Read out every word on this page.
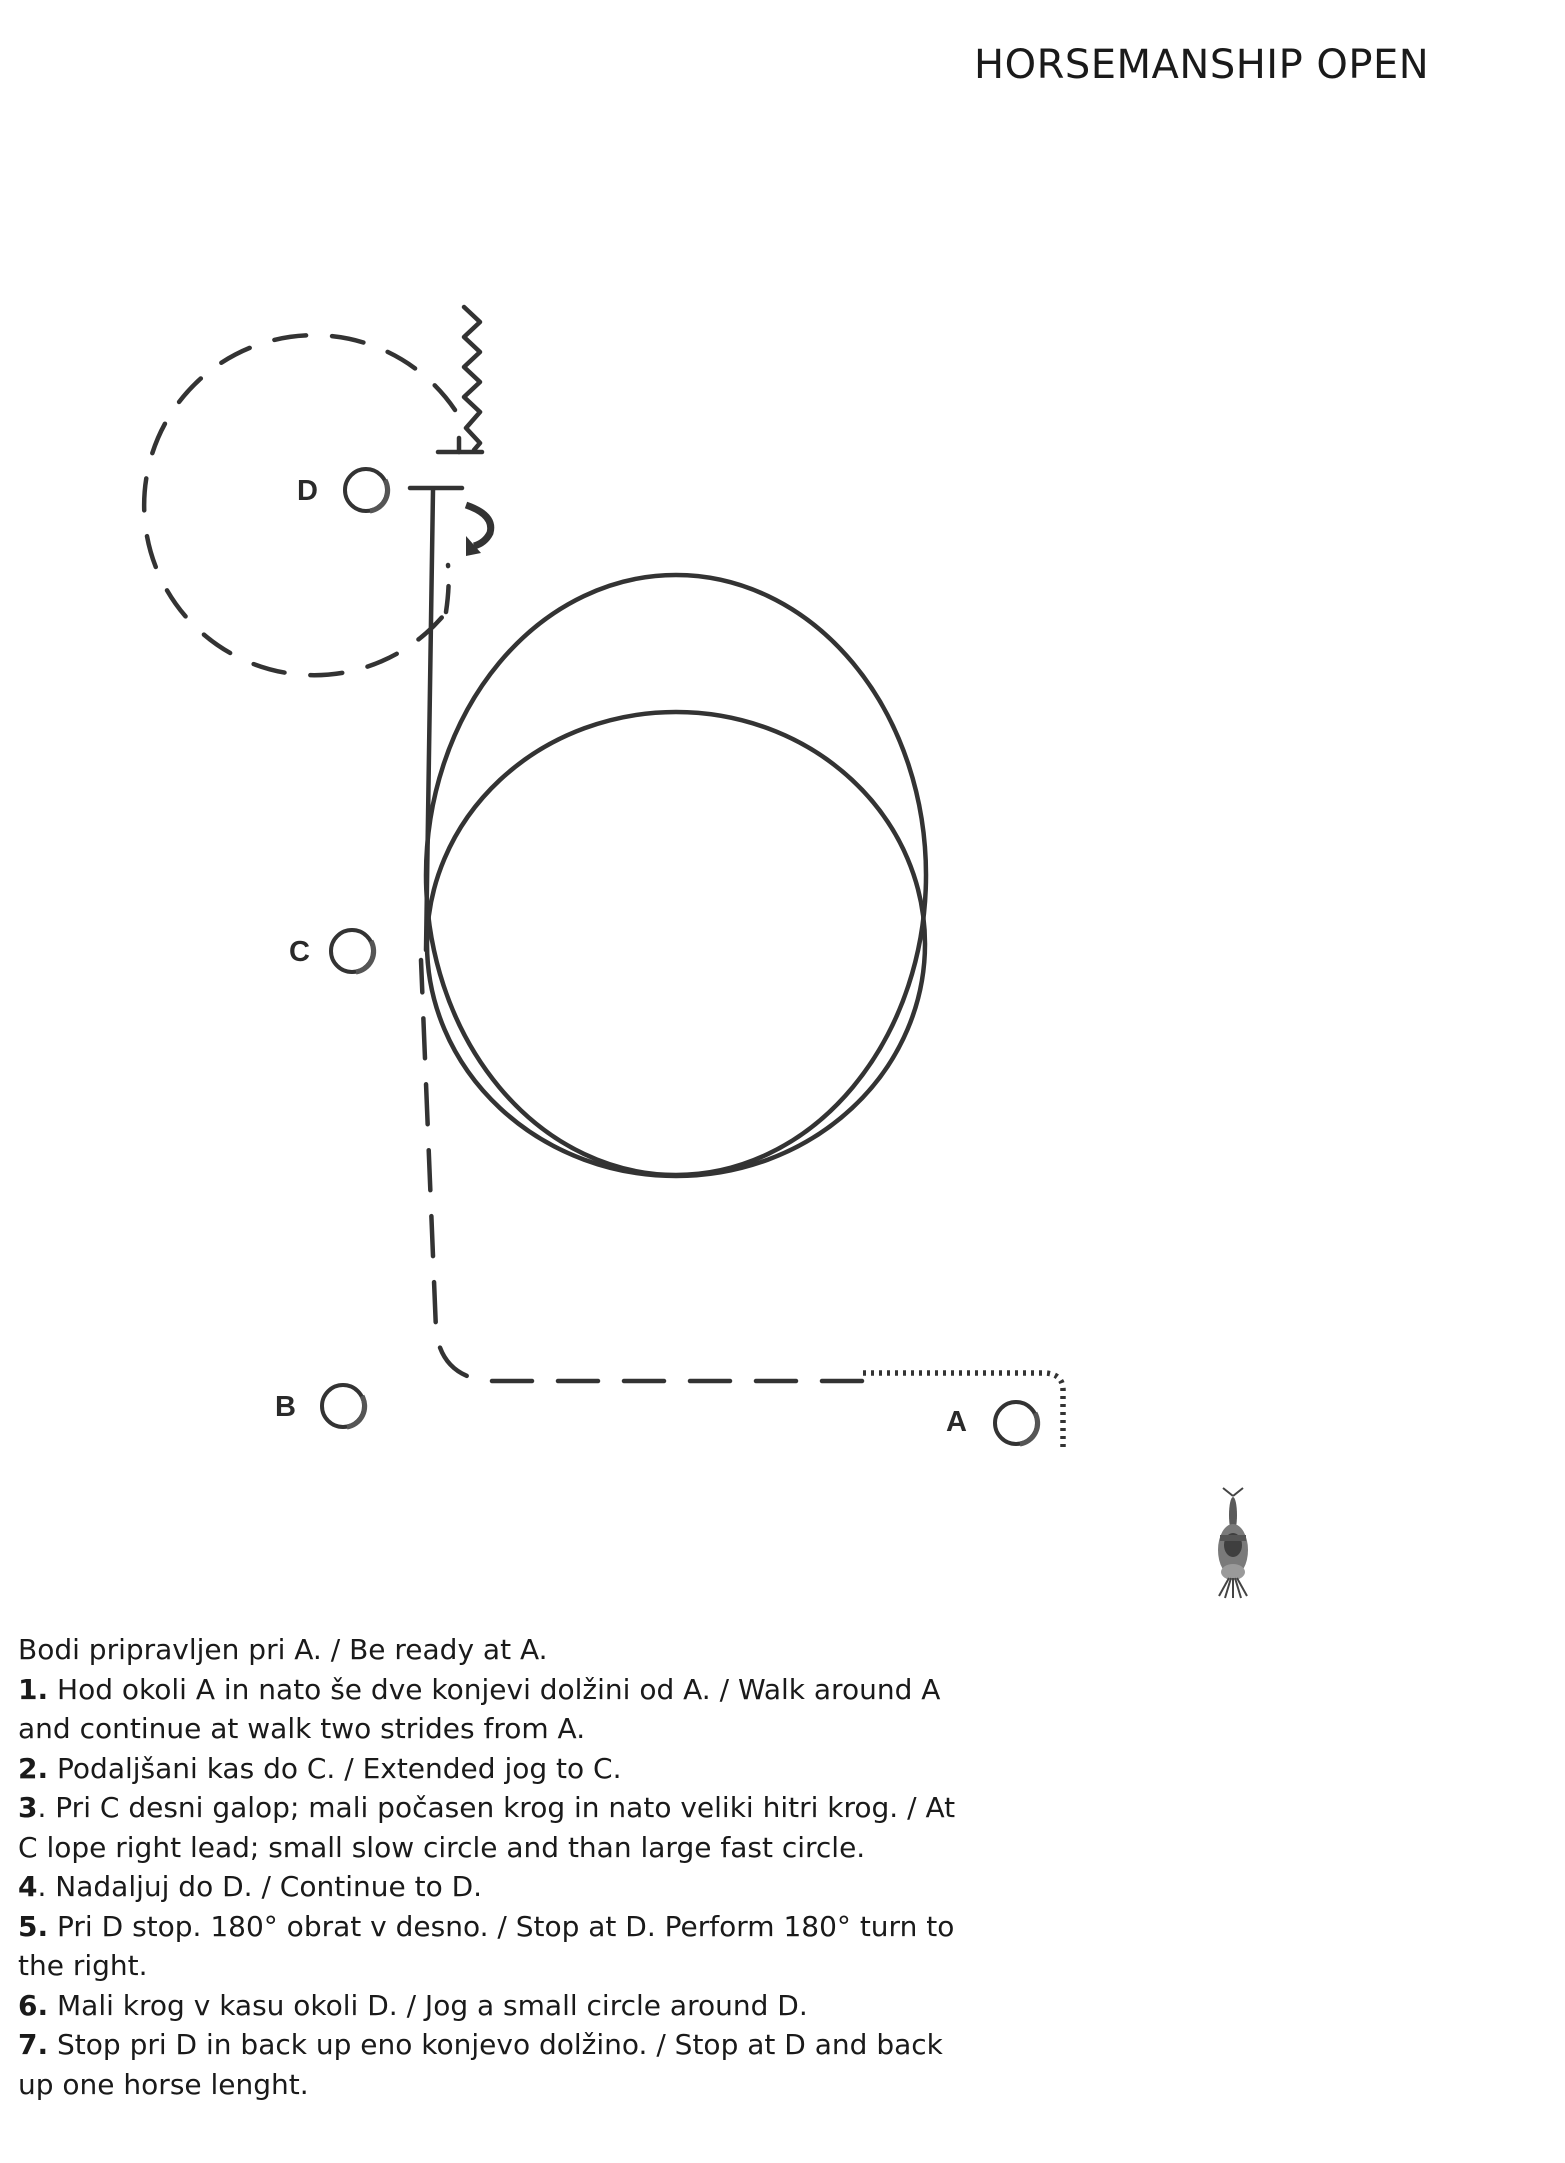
HORSEMANSHIP OPEN
D
C
B	A

Bodi pripravljen pri A. / Be ready at A.

1. Hod okoli A in nato še dve konjevi dolžini od A. / Walk around A and continue at walk two strides from A.

2. Podaljšani kas do C. / Extended jog to C.

3. Pri C desni galop; mali počasen krog in nato veliki hitri krog. / At C lope right lead; small slow circle and than large fast circle.

4. Nadaljuj do D. / Continue to D.

5. Pri D stop. 180° obrat v desno. / Stop at D. Perform 180° turn to the right.

6. Mali krog v kasu okoli D. / Jog a small circle around D.

7. Stop pri D in back up eno konjevo dolžino. / Stop at D and back up one horse lenght.
